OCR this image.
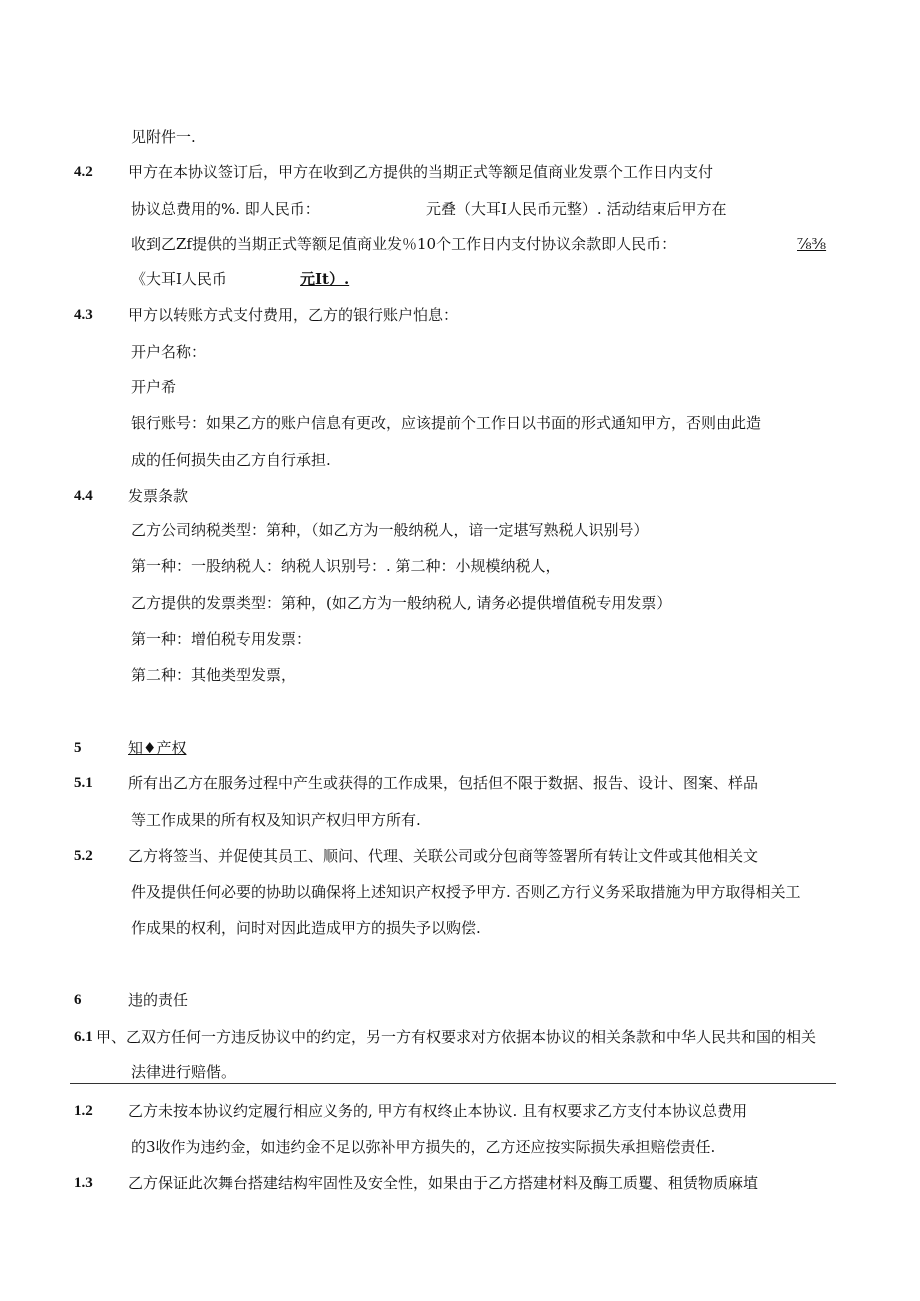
见附件一.
4.2 甲方在本协议签订后，甲方在收到乙方提供的当期正式等额足值商业发票个工作日内支付
协议总费用的%. 即人民币：	元叠（大耳I人民币元整）. 活动结束后甲方在
收到乙Zf提供的当期正式等额足值商业发％10个工作日内支付协议余款即人民币：	⅞⅜
《大耳I人民币	元It）.
4.3 甲方以转账方式支付费用，乙方的银行账户怕息：
开户名称：
开户希
银行账号：如果乙方的账户信息有更改，应该提前个工作日以书面的形式通知甲方，否则由此造
成的任何损失由乙方自行承担.
4.4 发票条款
乙方公司纳税类型：第种，（如乙方为一般纳税人，谙一定堪写熟税人识别号）
第一种：一股纳税人：纳税人识别号：. 第二种：小规模纳税人，
乙方提供的发票类型：第种，(如乙方为一般纳税人, 请务必提供增值税专用发票）
第一种：增伯税专用发票：
第二种：其他类型发票，
5	知♦产权
5.1 所有出乙方在服务过程中产生或获得的工作成果，包括但不限于数据、报告、设计、图案、样品
等工作成果的所有权及知识产权归甲方所有.
5.2 乙方将签当、并促使其员工、顺问、代理、关联公司或分包商等签署所有转让文件或其他相关文
件及提供任何必要的协助以确保将上述知识产权授予甲方. 否则乙方行义务采取措施为甲方取得相关工
作成果的权利，问时对因此造成甲方的损失予以购偿.
6	违的责任
6.1 甲、乙双方任何一方违反协议中的约定，另一方有权要求对方依据本协议的相关条款和中华人民共和国的相关
法律进行赔偕。
1.2 乙方未按本协议约定履行相应义务的, 甲方有权终止本协议. 且有权要求乙方支付本协议总费用
的3收作为违约金，如违约金不足以弥补甲方损失的，乙方还应按实际损失承担赔偿责任.
1.3 乙方保证此次舞台搭建结构牢固性及安全性，如果由于乙方搭建材料及酶工质矍、租赁物质麻埴
